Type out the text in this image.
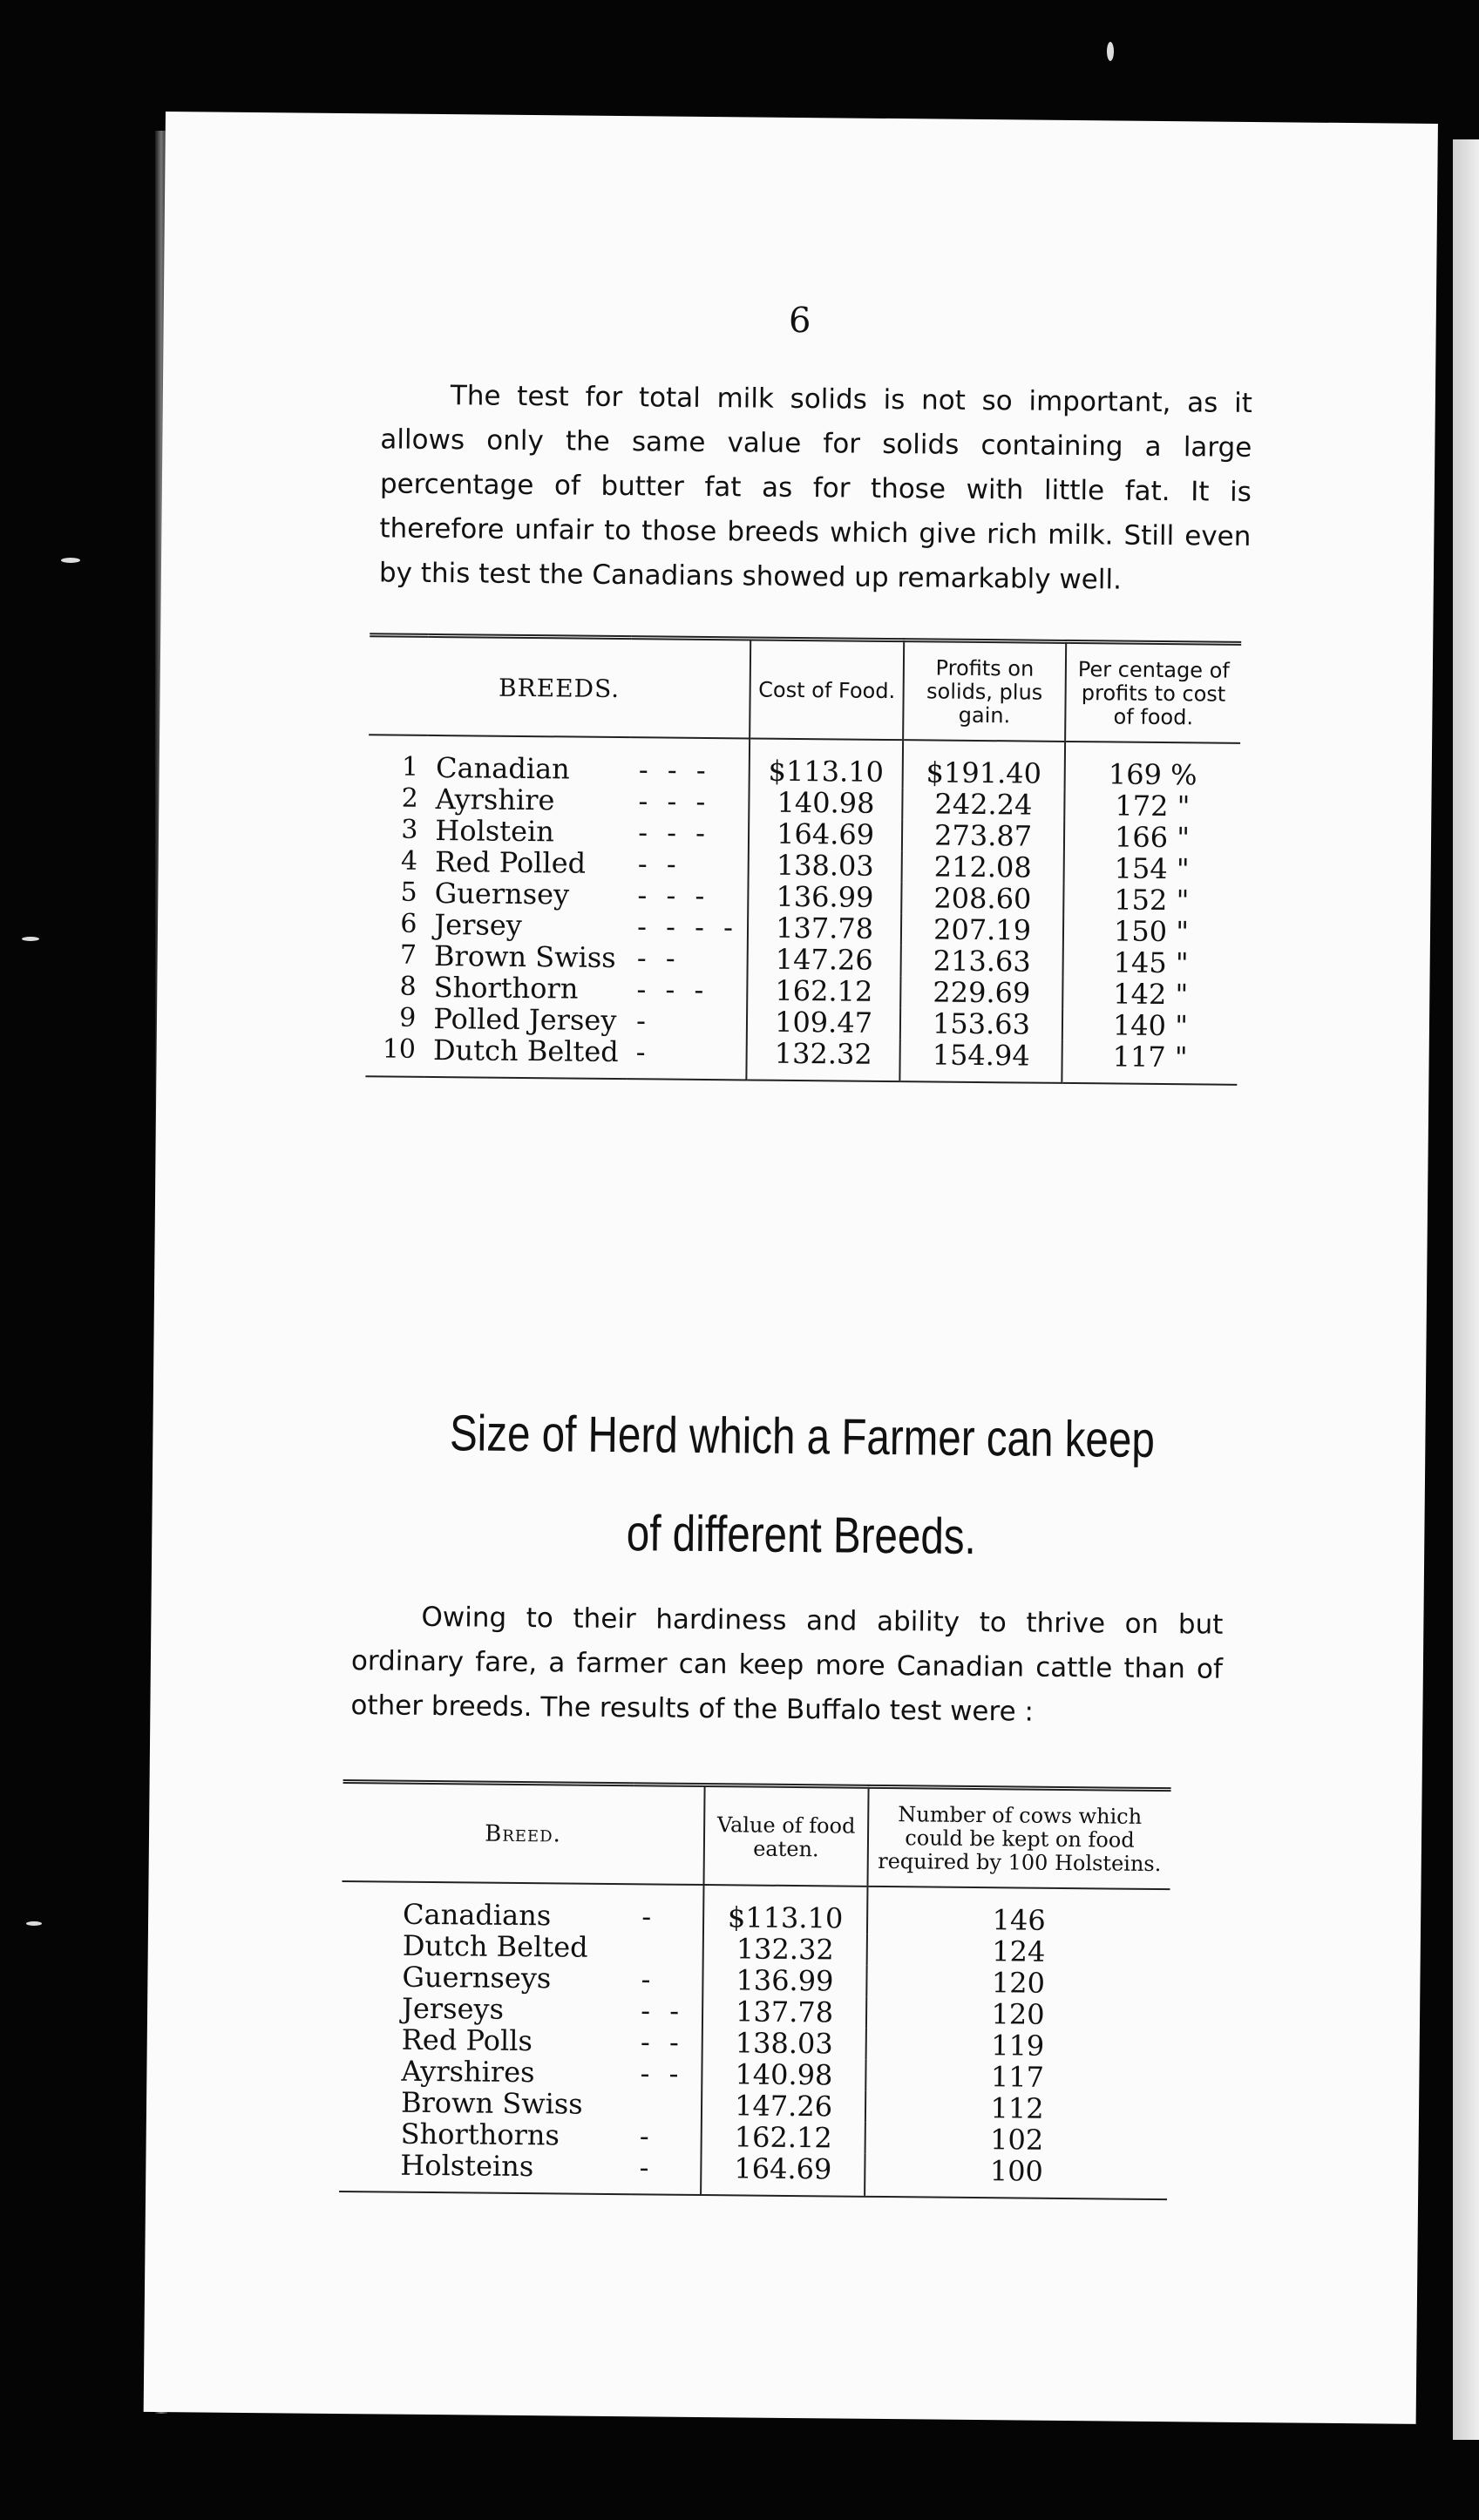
6

The test for total milk solids is not so important, as it allows only the same value for solids containing a large percentage of butter fat as for those with little fat. It is therefore unfair to those breeds which give rich milk. Still even by this test the Canadians showed up remarkably well.

BREEDS.			Cost of Food.	Profits on solids, plus gain.	Per centage of profits to cost of food.
1	Canadian	- - -	$113.10	$191.40	169 %
2	Ayrshire	- - -	140.98	242.24	172 "
3	Holstein	- - -	164.69	273.87	166 "
4	Red Polled	- -	138.03	212.08	154 "
5	Guernsey	- - -	136.99	208.60	152 "
6	Jersey	- - - -	137.78	207.19	150 "
7	Brown Swiss	- -	147.26	213.63	145 "
8	Shorthorn	- - -	162.12	229.69	142 "
9	Polled Jersey	-	109.47	153.63	140 "
10	Dutch Belted	-	132.32	154.94	117 "
Size of Herd which a Farmer can keep
of different Breeds.

Owing to their hardiness and ability to thrive on but ordinary fare, a farmer can keep more Canadian cattle than of other breeds. The results of the Buffalo test were :

Breed.		Value of food eaten.	Number of cows which could be kept on food required by 100 Holsteins.
Canadians	-	$113.10	146
Dutch Belted		132.32	124
Guernseys	-	136.99	120
Jerseys	- -	137.78	120
Red Polls	- -	138.03	119
Ayrshires	- -	140.98	117
Brown Swiss		147.26	112
Shorthorns	-	162.12	102
Holsteins	-	164.69	100
